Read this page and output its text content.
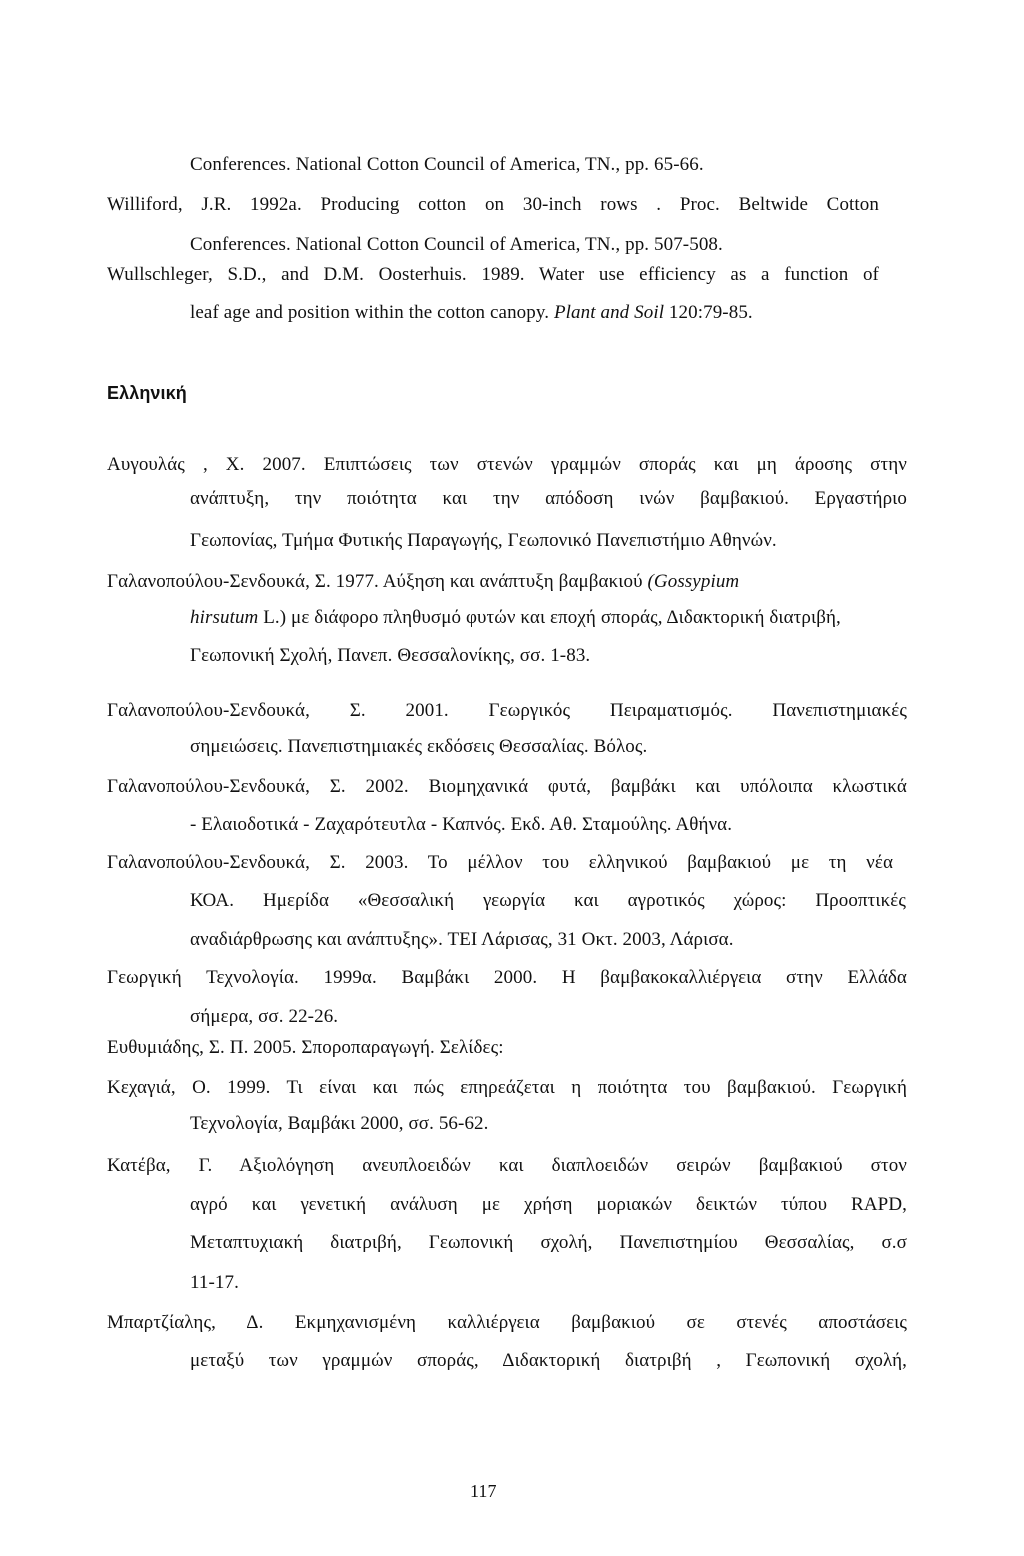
Conferences. National Cotton Council of America, TN., pp. 65-66.
Williford, J.R. 1992a. Producing cotton on 30-inch rows . Proc. Beltwide Cotton
Conferences. National Cotton Council of America, TN., pp. 507-508.
Wullschleger, S.D., and D.M. Oosterhuis. 1989. Water use efficiency as a function of
leaf age and position within the cotton canopy. Plant and Soil 120:79-85.
Ελληνική
Αυγουλάς , Χ. 2007. Επιπτώσεις των στενών γραμμών σποράς και μη άροσης στην
ανάπτυξη, την ποιότητα και την απόδοση ινών βαμβακιού. Εργαστήριο
Γεωπονίας, Τμήμα Φυτικής Παραγωγής, Γεωπονικό Πανεπιστήμιο Αθηνών.
Γαλανοπούλου-Σενδουκά, Σ. 1977. Αύξηση και ανάπτυξη βαμβακιού (Gossypium
hirsutum L.) με διάφορο πληθυσμό φυτών και εποχή σποράς, Διδακτορική διατριβή,
Γεωπονική Σχολή, Πανεπ. Θεσσαλονίκης, σσ. 1-83.
Γαλανοπούλου-Σενδουκά, Σ. 2001. Γεωργικός Πειραματισμός. Πανεπιστημιακές
σημειώσεις. Πανεπιστημιακές εκδόσεις Θεσσαλίας. Βόλος.
Γαλανοπούλου-Σενδουκά, Σ. 2002. Βιομηχανικά φυτά, βαμβάκι και υπόλοιπα κλωστικά
- Ελαιοδοτικά - Ζαχαρότευτλα - Καπνός. Εκδ. Αθ. Σταμούλης. Αθήνα.
Γαλανοπούλου-Σενδουκά, Σ. 2003. Το μέλλον του ελληνικού βαμβακιού με τη νέα
ΚΟΑ. Ημερίδα «Θεσσαλική γεωργία και αγροτικός χώρος: Προοπτικές
αναδιάρθρωσης και ανάπτυξης». ΤΕΙ Λάρισας, 31 Οκτ. 2003, Λάρισα.
Γεωργική Τεχνολογία. 1999α. Βαμβάκι 2000. Η βαμβακοκαλλιέργεια στην Ελλάδα
σήμερα, σσ. 22-26.
Ευθυμιάδης, Σ. Π. 2005. Σποροπαραγωγή. Σελίδες:
Κεχαγιά, Ο. 1999. Τι είναι και πώς επηρεάζεται η ποιότητα του βαμβακιού. Γεωργική
Τεχνολογία, Βαμβάκι 2000, σσ. 56-62.
Κατέβα, Γ. Αξιολόγηση ανευπλοειδών και διαπλοειδών σειρών βαμβακιού στον
αγρό και γενετική ανάλυση με χρήση μοριακών δεικτών τύπου RAPD,
Μεταπτυχιακή διατριβή, Γεωπονική σχολή, Πανεπιστημίου Θεσσαλίας, σ.σ
11-17.
Μπαρτζίαλης, Δ. Εκμηχανισμένη καλλιέργεια βαμβακιού σε στενές αποστάσεις
μεταξύ των γραμμών σποράς, Διδακτορική διατριβή , Γεωπονική σχολή,
117
